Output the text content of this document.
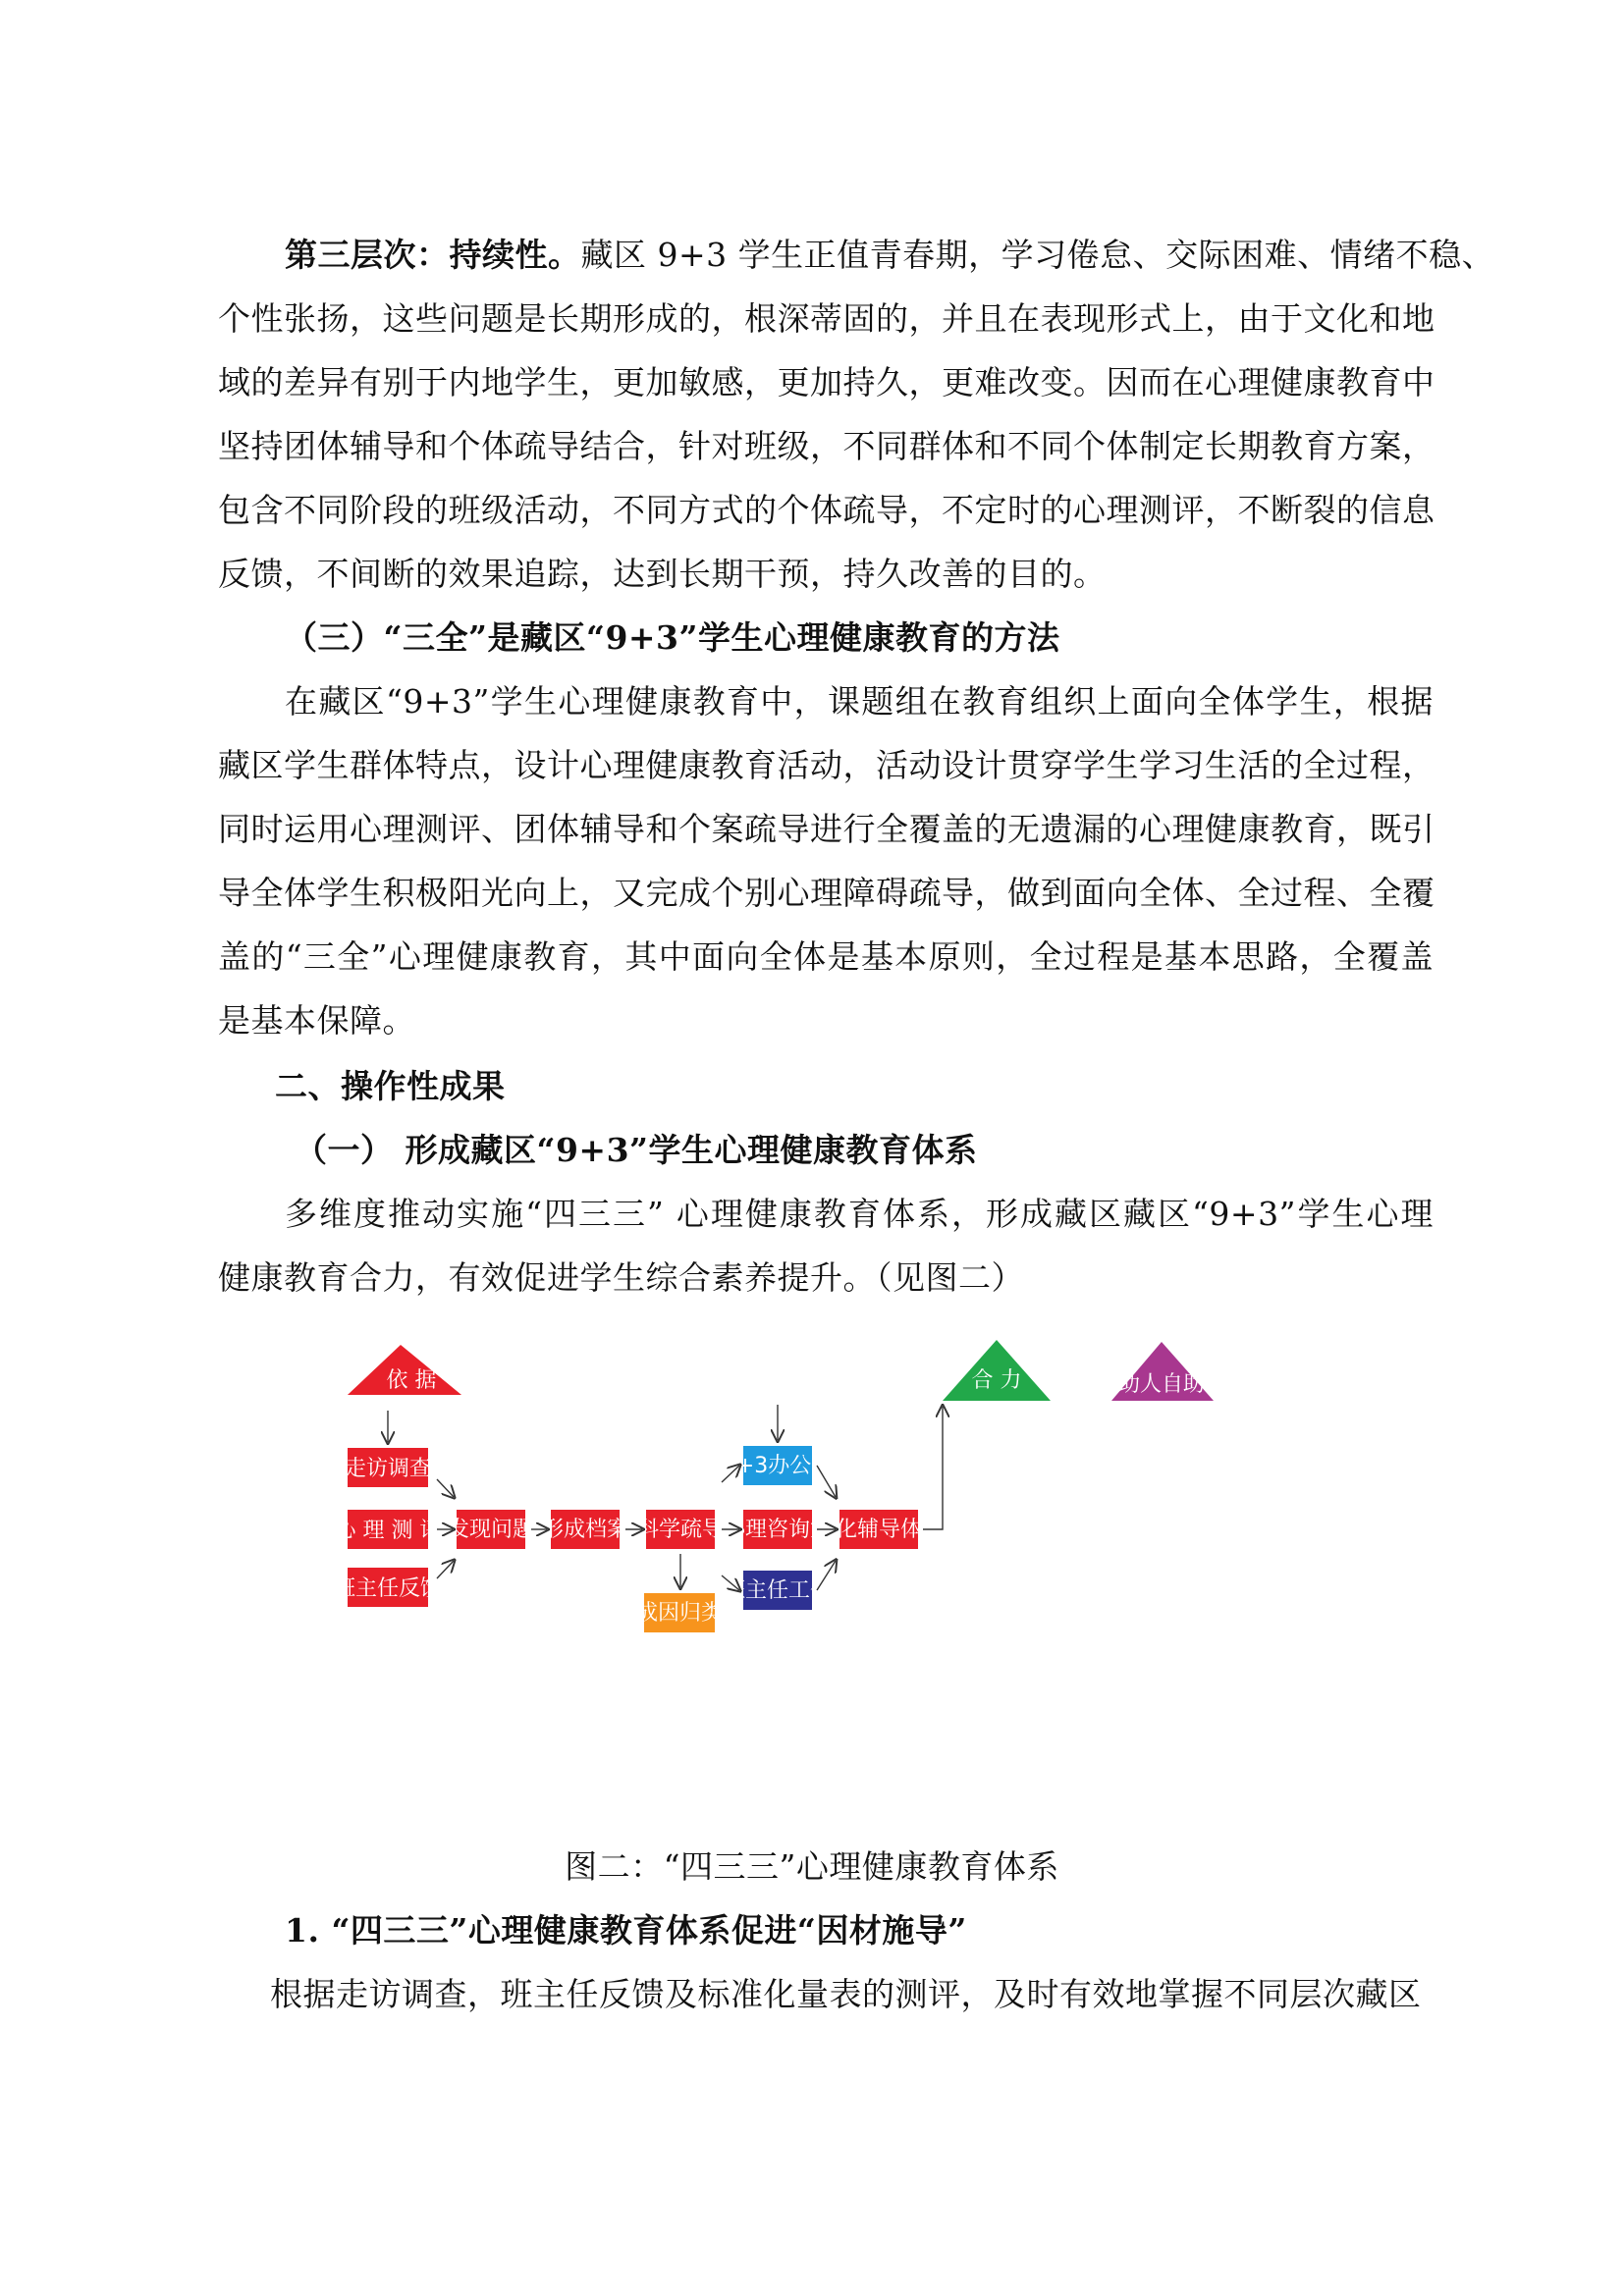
第三层次：持续性。藏区 9+3 学生正值青春期，学习倦怠、交际困难、情绪不稳、
个性张扬，这些问题是长期形成的，根深蒂固的，并且在表现形式上，由于文化和地
域的差异有别于内地学生，更加敏感，更加持久，更难改变。因而在心理健康教育中
坚持团体辅导和个体疏导结合，针对班级，不同群体和不同个体制定长期教育方案，
包含不同阶段的班级活动，不同方式的个体疏导，不定时的心理测评，不断裂的信息
反馈，不间断的效果追踪，达到长期干预，持久改善的目的。
（三）“三全”是藏区“9+3”学生心理健康教育的方法
在藏区“9+3”学生心理健康教育中，课题组在教育组织上面向全体学生，根据
藏区学生群体特点，设计心理健康教育活动，活动设计贯穿学生学习生活的全过程，
同时运用心理测评、团体辅导和个案疏导进行全覆盖的无遗漏的心理健康教育，既引
导全体学生积极阳光向上，又完成个别心理障碍疏导，做到面向全体、全过程、全覆
盖的“三全”心理健康教育，其中面向全体是基本原则，全过程是基本思路，全覆盖
是基本保障。
二、操作性成果
（一） 形成藏区“9+3”学生心理健康教育体系
多维度推动实施“四三三” 心理健康教育体系，形成藏区藏区“9+3”学生心理
健康教育合力，有效促进学生综合素养提升。（见图二）
依 据	合 力	助人自助
走访调查
心 理 测 评
班主任反馈
发现问题 形成档案 科学疏导
成因归类
9+3办公室
心理咨询室
班主任工作
优化辅导体系
图二：“四三三”心理健康教育体系
1. “四三三”心理健康教育体系促进“因材施导”
根据走访调查，班主任反馈及标准化量表的测评，及时有效地掌握不同层次藏区
